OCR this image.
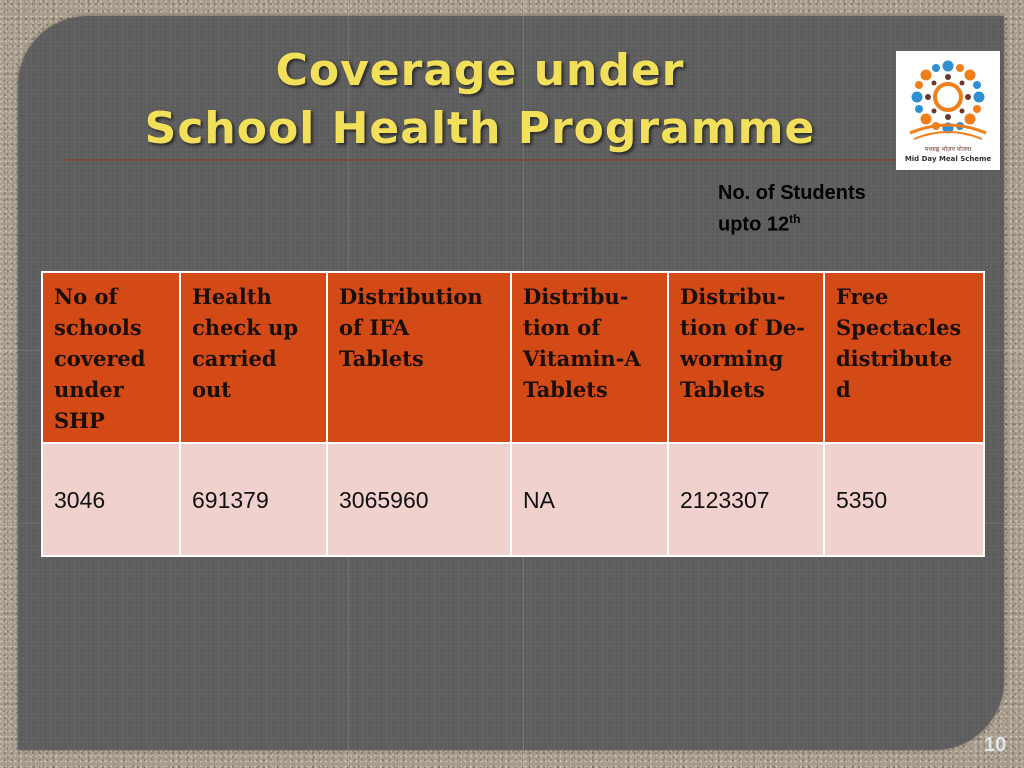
Coverage under
School Health Programme	मध्याह्न भोजन योजना
Mid Day Meal Scheme
No. of Students
upto 12th
No of schools covered under SHP	Health check up carried out	Distribution of IFA Tablets	Distribu-tion of Vitamin-A Tablets	Distribu-tion of De-worming Tablets	Free Spectacles distribute d
3046	691379	3065960	NA	2123307	5350
10
